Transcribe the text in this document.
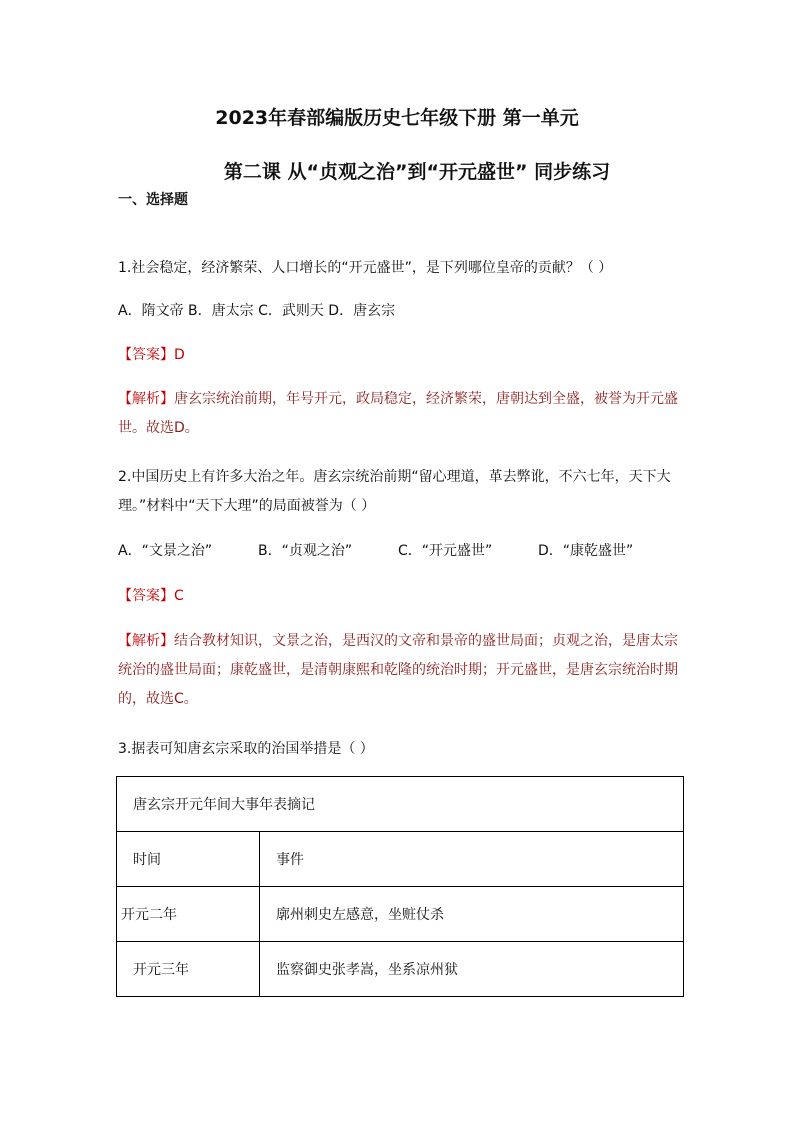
2023年春部编版历史七年级下册 第一单元
第二课 从“贞观之治”到“开元盛世” 同步练习

一、选择题

1.社会稳定，经济繁荣、人口增长的“开元盛世”，是下列哪位皇帝的贡献？（ ）

A．隋文帝 B．唐太宗 C．武则天 D．唐玄宗

【答案】D

【解析】唐玄宗统治前期，年号开元，政局稳定，经济繁荣，唐朝达到全盛，被誉为开元盛世。故选D。

2.中国历史上有许多大治之年。唐玄宗统治前期“留心理道，革去弊讹，不六七年，天下大理。”材料中“天下大理”的局面被誉为（ ）

A．“文景之治”	B．“贞观之治”	C．“开元盛世”	D．“康乾盛世”

【答案】C

【解析】结合教材知识，文景之治，是西汉的文帝和景帝的盛世局面；贞观之治，是唐太宗统治的盛世局面；康乾盛世，是清朝康熙和乾隆的统治时期；开元盛世，是唐玄宗统治时期的，故选C。

3.据表可知唐玄宗采取的治国举措是（ ）

唐玄宗开元年间大事年表摘记	
时间	事件
开元二年	廓州刺史左感意，坐赃仗杀
开元三年	监察御史张孝嵩，坐系凉州狱
